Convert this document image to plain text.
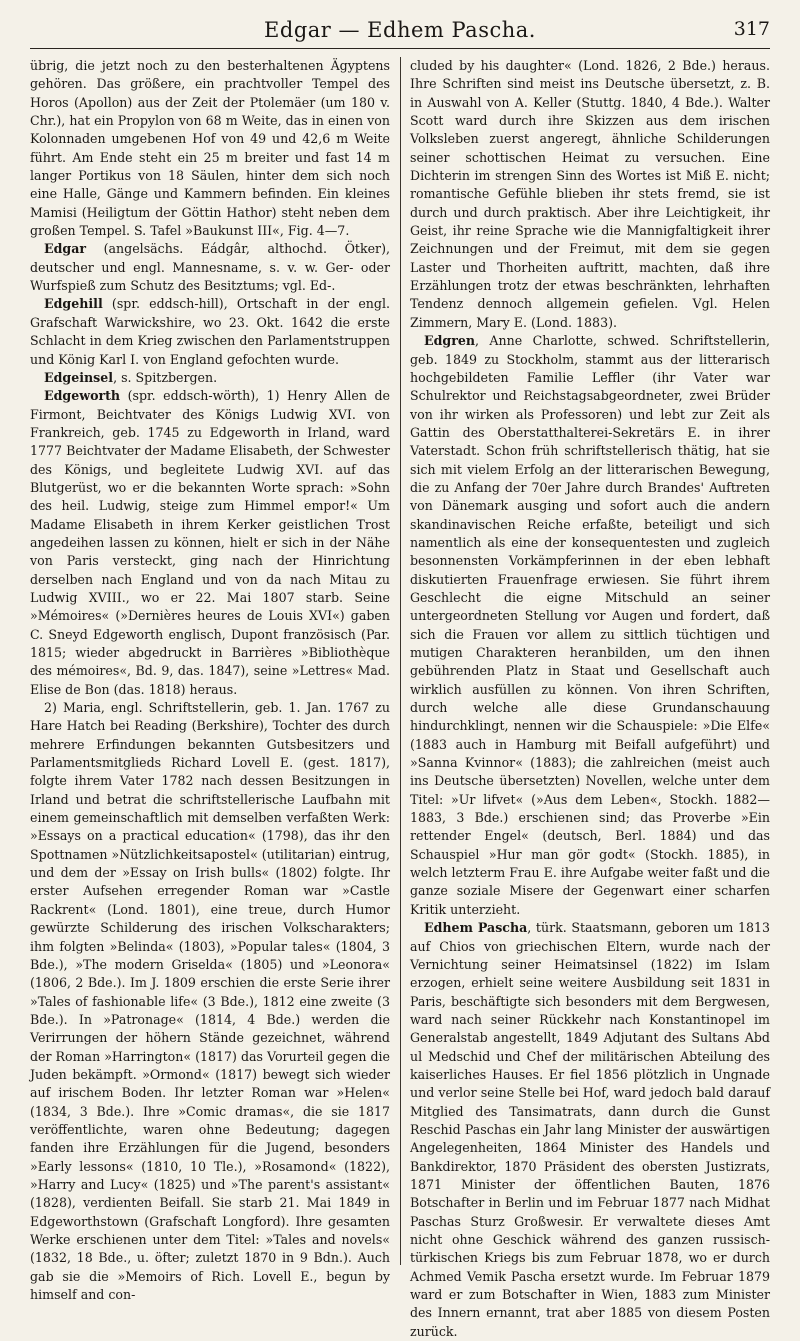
Edgar — Edhem Pascha.	317

übrig, die jetzt noch zu den besterhaltenen Ägyptens gehören. Das größere, ein prachtvoller Tempel des Horos (Apollon) aus der Zeit der Ptolemäer (um 180 v. Chr.), hat ein Propylon von 68 m Weite, das in einen von Kolonnaden umgebenen Hof von 49 und 42,6 m Weite führt. Am Ende steht ein 25 m breiter und fast 14 m langer Portikus von 18 Säulen, hinter dem sich noch eine Halle, Gänge und Kammern befinden. Ein kleines Mamisi (Heiligtum der Göttin Hathor) steht neben dem großen Tempel. S. Tafel »Baukunst III«, Fig. 4—7.

Edgar (angelsächs. Eádgâr, althochd. Ötker), deutscher und engl. Mannesname, s. v. w. Ger- oder Wurfspieß zum Schutz des Besitztums; vgl. Ed-.

Edgehill (spr. eddsch-hill), Ortschaft in der engl. Grafschaft Warwickshire, wo 23. Okt. 1642 die erste Schlacht in dem Krieg zwischen den Parlamentstruppen und König Karl I. von England gefochten wurde.

Edgeinsel, s. Spitzbergen.

Edgeworth (spr. eddsch-wörth), 1) Henry Allen de Firmont, Beichtvater des Königs Ludwig XVI. von Frankreich, geb. 1745 zu Edgeworth in Irland, ward 1777 Beichtvater der Madame Elisabeth, der Schwester des Königs, und begleitete Ludwig XVI. auf das Blutgerüst, wo er die bekannten Worte sprach: »Sohn des heil. Ludwig, steige zum Himmel empor!« Um Madame Elisabeth in ihrem Kerker geistlichen Trost angedeihen lassen zu können, hielt er sich in der Nähe von Paris versteckt, ging nach der Hinrichtung derselben nach England und von da nach Mitau zu Ludwig XVIII., wo er 22. Mai 1807 starb. Seine »Mémoires« (»Dernières heures de Louis XVI«) gaben C. Sneyd Edgeworth englisch, Dupont französisch (Par. 1815; wieder abgedruckt in Barrières »Bibliothèque des mémoires«, Bd. 9, das. 1847), seine »Lettres« Mad. Elise de Bon (das. 1818) heraus.

2) Maria, engl. Schriftstellerin, geb. 1. Jan. 1767 zu Hare Hatch bei Reading (Berkshire), Tochter des durch mehrere Erfindungen bekannten Gutsbesitzers und Parlamentsmitglieds Richard Lovell E. (gest. 1817), folgte ihrem Vater 1782 nach dessen Besitzungen in Irland und betrat die schriftstellerische Laufbahn mit einem gemeinschaftlich mit demselben verfaßten Werk: »Essays on a practical education« (1798), das ihr den Spottnamen »Nützlichkeitsapostel« (utilitarian) eintrug, und dem der »Essay on Irish bulls« (1802) folgte. Ihr erster Aufsehen erregender Roman war »Castle Rackrent« (Lond. 1801), eine treue, durch Humor gewürzte Schilderung des irischen Volkscharakters; ihm folgten »Belinda« (1803), »Popular tales« (1804, 3 Bde.), »The modern Griselda« (1805) und »Leonora« (1806, 2 Bde.). Im J. 1809 erschien die erste Serie ihrer »Tales of fashionable life« (3 Bde.), 1812 eine zweite (3 Bde.). In »Patronage« (1814, 4 Bde.) werden die Verirrungen der höhern Stände gezeichnet, während der Roman »Harrington« (1817) das Vorurteil gegen die Juden bekämpft. »Ormond« (1817) bewegt sich wieder auf irischem Boden. Ihr letzter Roman war »Helen« (1834, 3 Bde.). Ihre »Comic dramas«, die sie 1817 veröffentlichte, waren ohne Bedeutung; dagegen fanden ihre Erzählungen für die Jugend, besonders »Early lessons« (1810, 10 Tle.), »Rosamond« (1822), »Harry and Lucy« (1825) und »The parent's assistant« (1828), verdienten Beifall. Sie starb 21. Mai 1849 in Edgeworthstown (Grafschaft Longford). Ihre gesamten Werke erschienen unter dem Titel: »Tales and novels« (1832, 18 Bde., u. öfter; zuletzt 1870 in 9 Bdn.). Auch gab sie die »Memoirs of Rich. Lovell E., begun by himself and con-

cluded by his daughter« (Lond. 1826, 2 Bde.) heraus. Ihre Schriften sind meist ins Deutsche übersetzt, z. B. in Auswahl von A. Keller (Stuttg. 1840, 4 Bde.). Walter Scott ward durch ihre Skizzen aus dem irischen Volksleben zuerst angeregt, ähnliche Schilderungen seiner schottischen Heimat zu versuchen. Eine Dichterin im strengen Sinn des Wortes ist Miß E. nicht; romantische Gefühle blieben ihr stets fremd, sie ist durch und durch praktisch. Aber ihre Leichtigkeit, ihr Geist, ihr reine Sprache wie die Mannigfaltigkeit ihrer Zeichnungen und der Freimut, mit dem sie gegen Laster und Thorheiten auftritt, machten, daß ihre Erzählungen trotz der etwas beschränkten, lehrhaften Tendenz dennoch allgemein gefielen. Vgl. Helen Zimmern, Mary E. (Lond. 1883).

Edgren, Anne Charlotte, schwed. Schriftstellerin, geb. 1849 zu Stockholm, stammt aus der litterarisch hochgebildeten Familie Leffler (ihr Vater war Schulrektor und Reichstagsabgeordneter, zwei Brüder von ihr wirken als Professoren) und lebt zur Zeit als Gattin des Oberstatthalterei-Sekretärs E. in ihrer Vaterstadt. Schon früh schriftstellerisch thätig, hat sie sich mit vielem Erfolg an der litterarischen Bewegung, die zu Anfang der 70er Jahre durch Brandes' Auftreten von Dänemark ausging und sofort auch die andern skandinavischen Reiche erfaßte, beteiligt und sich namentlich als eine der konsequentesten und zugleich besonnensten Vorkämpferinnen in der eben lebhaft diskutierten Frauenfrage erwiesen. Sie führt ihrem Geschlecht die eigne Mitschuld an seiner untergeordneten Stellung vor Augen und fordert, daß sich die Frauen vor allem zu sittlich tüchtigen und mutigen Charakteren heranbilden, um den ihnen gebührenden Platz in Staat und Gesellschaft auch wirklich ausfüllen zu können. Von ihren Schriften, durch welche alle diese Grundanschauung hindurchklingt, nennen wir die Schauspiele: »Die Elfe« (1883 auch in Hamburg mit Beifall aufgeführt) und »Sanna Kvinnor« (1883); die zahlreichen (meist auch ins Deutsche übersetzten) Novellen, welche unter dem Titel: »Ur lifvet« (»Aus dem Leben«, Stockh. 1882—1883, 3 Bde.) erschienen sind; das Proverbe »Ein rettender Engel« (deutsch, Berl. 1884) und das Schauspiel »Hur man gör godt« (Stockh. 1885), in welch letzterm Frau E. ihre Aufgabe weiter faßt und die ganze soziale Misere der Gegenwart einer scharfen Kritik unterzieht.

Edhem Pascha, türk. Staatsmann, geboren um 1813 auf Chios von griechischen Eltern, wurde nach der Vernichtung seiner Heimatsinsel (1822) im Islam erzogen, erhielt seine weitere Ausbildung seit 1831 in Paris, beschäftigte sich besonders mit dem Bergwesen, ward nach seiner Rückkehr nach Konstantinopel im Generalstab angestellt, 1849 Adjutant des Sultans Abd ul Medschid und Chef der militärischen Abteilung des kaiserliches Hauses. Er fiel 1856 plötzlich in Ungnade und verlor seine Stelle bei Hof, ward jedoch bald darauf Mitglied des Tansimatrats, dann durch die Gunst Reschid Paschas ein Jahr lang Minister der auswärtigen Angelegenheiten, 1864 Minister des Handels und Bankdirektor, 1870 Präsident des obersten Justizrats, 1871 Minister der öffentlichen Bauten, 1876 Botschafter in Berlin und im Februar 1877 nach Midhat Paschas Sturz Großwesir. Er verwaltete dieses Amt nicht ohne Geschick während des ganzen russisch-türkischen Kriegs bis zum Februar 1878, wo er durch Achmed Vemik Pascha ersetzt wurde. Im Februar 1879 ward er zum Botschafter in Wien, 1883 zum Minister des Innern ernannt, trat aber 1885 von diesem Posten zurück.
